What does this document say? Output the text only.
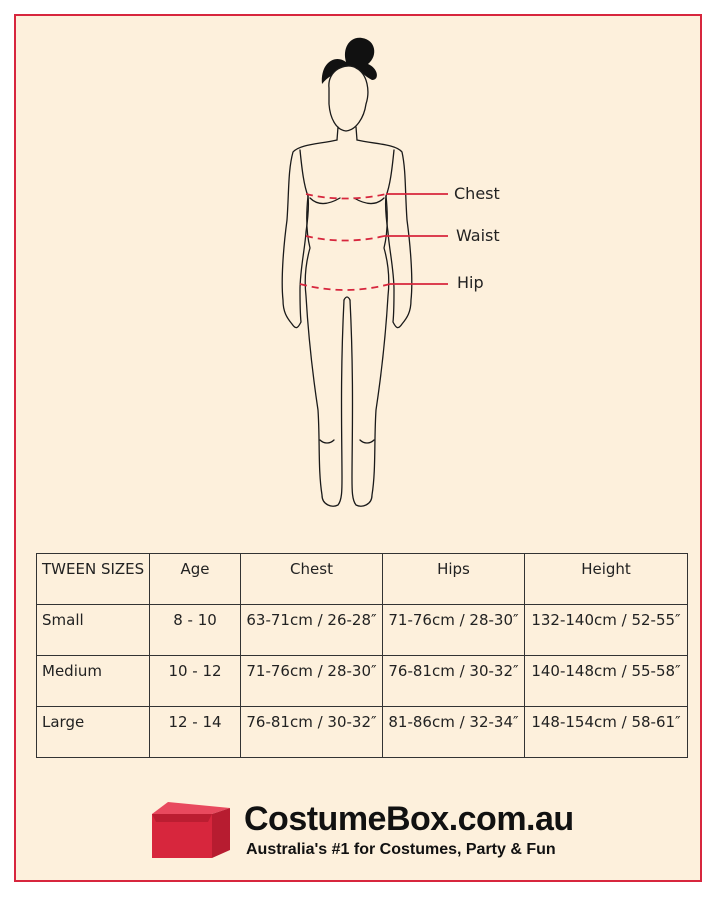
Chest
Waist
Hip
TWEEN SIZES	Age	Chest	Hips	Height

Small	8 - 10	63-71cm / 26-28″	71-76cm / 28-30″	132-140cm / 52-55″

Medium	10 - 12	71-76cm / 28-30″	76-81cm / 30-32″	140-148cm / 55-58″

Large	12 - 14	76-81cm / 30-32″	81-86cm / 32-34″	148-154cm / 58-61″
CostumeBox.com.au
Australia's #1 for Costumes, Party & Fun
